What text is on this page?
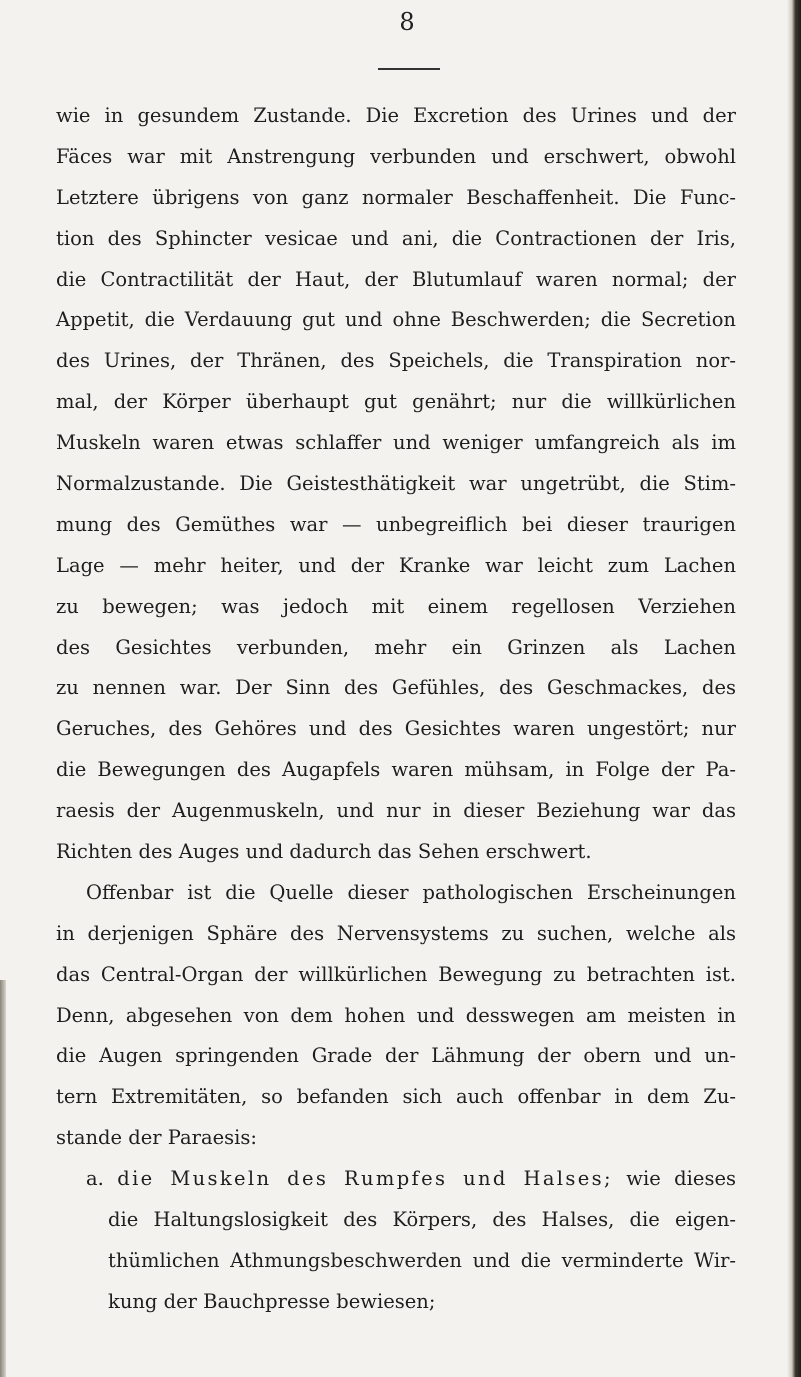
8
wie in gesundem Zustande. Die Excretion des Urines und der
Fäces war mit Anstrengung verbunden und erschwert, obwohl
Letztere übrigens von ganz normaler Beschaffenheit. Die Func-
tion des Sphincter vesicae und ani, die Contractionen der Iris,
die Contractilität der Haut, der Blutumlauf waren normal; der
Appetit, die Verdauung gut und ohne Beschwerden; die Secretion
des Urines, der Thränen, des Speichels, die Transpiration nor-
mal, der Körper überhaupt gut genährt; nur die willkürlichen
Muskeln waren etwas schlaffer und weniger umfangreich als im
Normalzustande. Die Geistesthätigkeit war ungetrübt, die Stim-
mung des Gemüthes war — unbegreiflich bei dieser traurigen
Lage — mehr heiter, und der Kranke war leicht zum Lachen
zu bewegen; was jedoch mit einem regellosen Verziehen
des Gesichtes verbunden, mehr ein Grinzen als Lachen
zu nennen war. Der Sinn des Gefühles, des Geschmackes, des
Geruches, des Gehöres und des Gesichtes waren ungestört; nur
die Bewegungen des Augapfels waren mühsam, in Folge der Pa-
raesis der Augenmuskeln, und nur in dieser Beziehung war das
Richten des Auges und dadurch das Sehen erschwert.
Offenbar ist die Quelle dieser pathologischen Erscheinungen
in derjenigen Sphäre des Nervensystems zu suchen, welche als
das Central-Organ der willkürlichen Bewegung zu betrachten ist.
Denn, abgesehen von dem hohen und desswegen am meisten in
die Augen springenden Grade der Lähmung der obern und un-
tern Extremitäten, so befanden sich auch offenbar in dem Zu-
stande der Paraesis:
a. die Muskeln des Rumpfes und Halses; wie dieses
die Haltungslosigkeit des Körpers, des Halses, die eigen-
thümlichen Athmungsbeschwerden und die verminderte Wir-
kung der Bauchpresse bewiesen;
